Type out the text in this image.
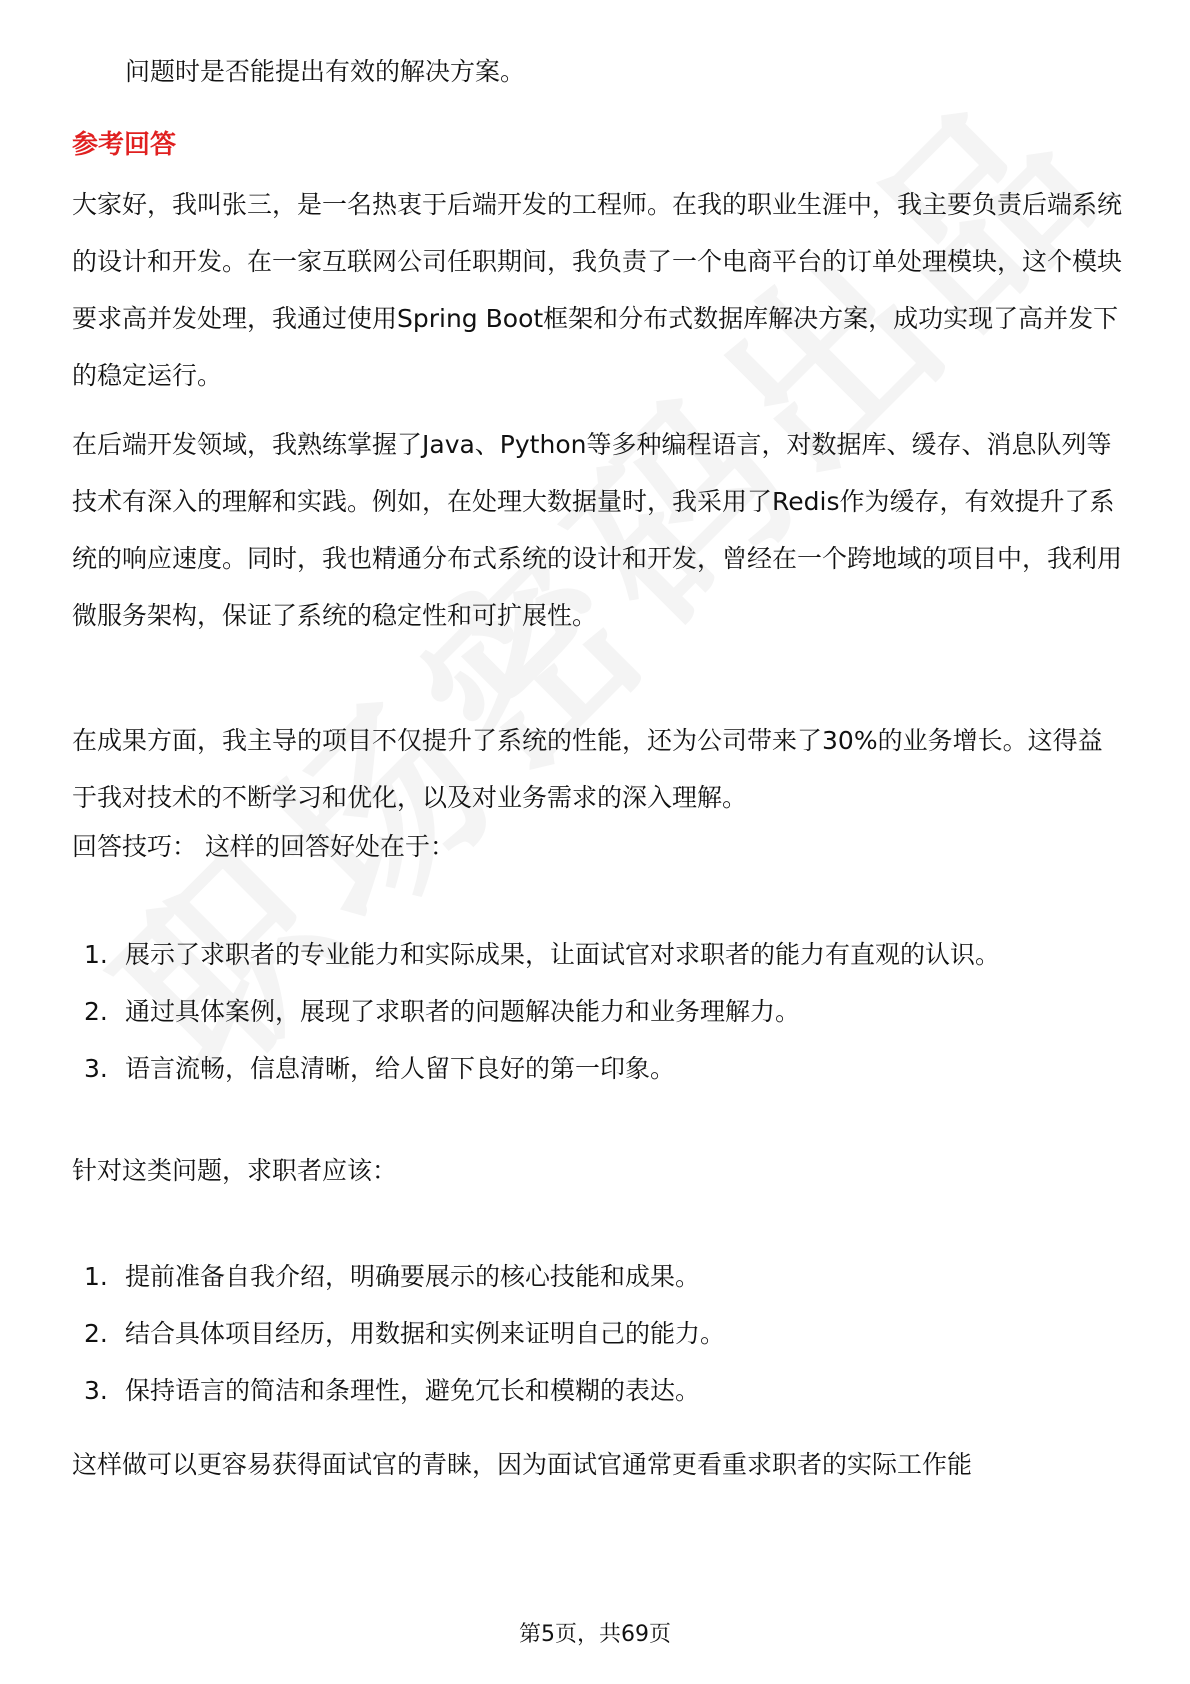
问题时是否能提出有效的解决方案。

参考回答

大家好，我叫张三，是一名热衷于后端开发的工程师。在我的职业生涯中，我主要负责后端系统的设计和开发。在一家互联网公司任职期间，我负责了一个电商平台的订单处理模块，这个模块要求高并发处理，我通过使用Spring Boot框架和分布式数据库解决方案，成功实现了高并发下的稳定运行。

在后端开发领域，我熟练掌握了Java、Python等多种编程语言，对数据库、缓存、消息队列等技术有深入的理解和实践。例如，在处理大数据量时，我采用了Redis作为缓存，有效提升了系统的响应速度。同时，我也精通分布式系统的设计和开发，曾经在一个跨地域的项目中，我利用微服务架构，保证了系统的稳定性和可扩展性。

在成果方面，我主导的项目不仅提升了系统的性能，还为公司带来了30%的业务增长。这得益于我对技术的不断学习和优化，以及对业务需求的深入理解。

回答技巧： 这样的回答好处在于：

1. 展示了求职者的专业能力和实际成果，让面试官对求职者的能力有直观的认识。
2. 通过具体案例，展现了求职者的问题解决能力和业务理解力。
3. 语言流畅，信息清晰，给人留下良好的第一印象。

针对这类问题，求职者应该：

1. 提前准备自我介绍，明确要展示的核心技能和成果。
2. 结合具体项目经历，用数据和实例来证明自己的能力。
3. 保持语言的简洁和条理性，避免冗长和模糊的表达。

这样做可以更容易获得面试官的青睐，因为面试官通常更看重求职者的实际工作能

第5页，共69页
